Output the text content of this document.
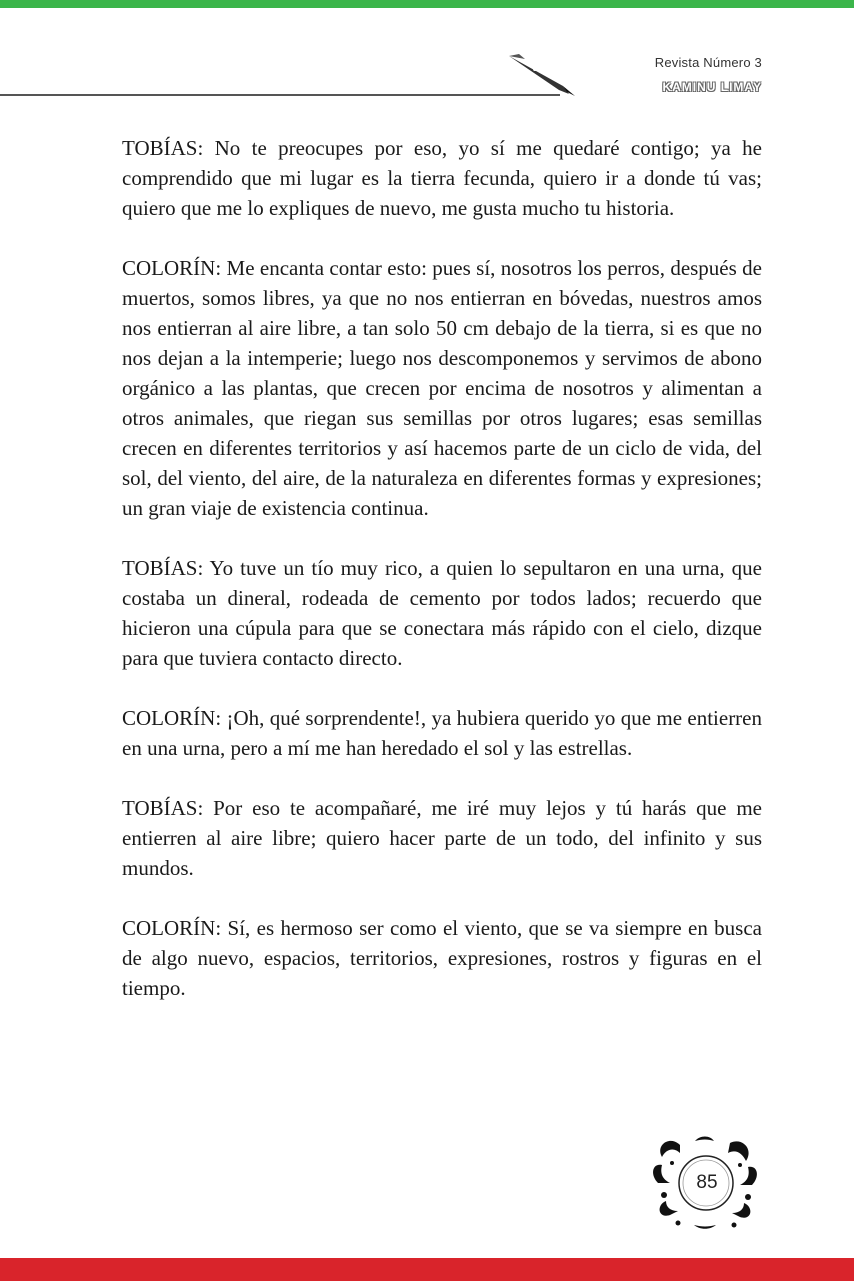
Revista Número 3
KAMINU LIMAY

TOBÍAS: No te preocupes por eso, yo sí me quedaré contigo; ya he comprendido que mi lugar es la tierra fecunda, quiero ir a donde tú vas; quiero que me lo expliques de nuevo, me gusta mucho tu historia.

COLORÍN: Me encanta contar esto: pues sí, nosotros los perros, después de muertos, somos libres, ya que no nos entierran en bóvedas, nuestros amos nos entierran al aire libre, a tan solo 50 cm debajo de la tierra, si es que no nos dejan a la intemperie; luego nos descomponemos y servimos de abono orgánico a las plantas, que crecen por encima de nosotros y alimentan a otros animales, que riegan sus semillas por otros lugares; esas semillas crecen en diferentes territorios y así hacemos parte de un ciclo de vida, del sol, del viento, del aire, de la naturaleza en diferentes formas y expresiones; un gran viaje de existencia continua.

TOBÍAS: Yo tuve un tío muy rico, a quien lo sepultaron en una urna, que costaba un dineral, rodeada de cemento por todos lados; recuerdo que hicieron una cúpula para que se conectara más rápido con el cielo, dizque para que tuviera contacto directo.

COLORÍN: ¡Oh, qué sorprendente!, ya hubiera querido yo que me entierren en una urna, pero a mí me han heredado el sol y las estrellas.

TOBÍAS: Por eso te acompañaré, me iré muy lejos y tú harás que me entierren al aire libre; quiero hacer parte de un todo, del infinito y sus mundos.

COLORÍN: Sí, es hermoso ser como el viento, que se va siempre en busca de algo nuevo, espacios, territorios, expresiones, rostros y figuras en el tiempo.

85
